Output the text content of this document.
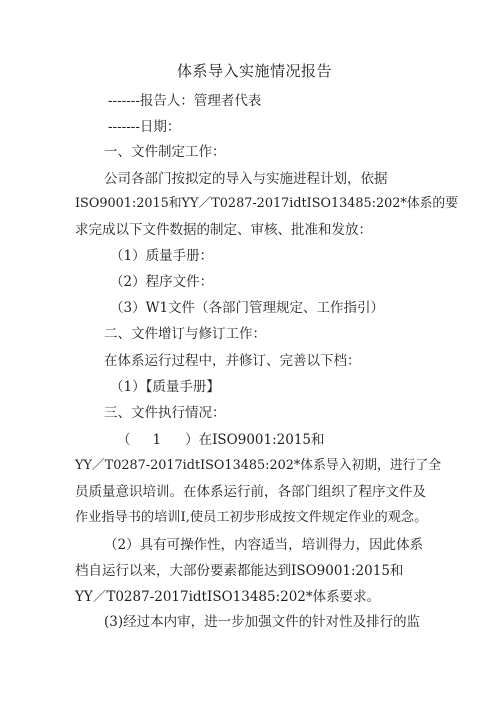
体系导入实施情况报告
-------报告人：管理者代表
-------日期：
一、文件制定工作：
公司各部门按拟定的导入与实施进程计划，依据
ISO9001:2015和YY／T0287-2017idtISO13485:202*体系的要
求完成以下文件数据的制定、审核、批准和发放：
（1）质量手册：
（2）程序文件：
（3）W1文件（各部门管理规定、工作指引）
二、文件增订与修订工作：
在体系运行过程中，并修订、完善以下档：
（1）【质量手册】
三、文件执行情况：
（ 1 ）在ISO9001:2015和
YY／T0287-2017idtISO13485:202*体系导入初期，进行了全
员质量意识培训。在体系运行前，各部门组织了程序文件及
作业指导书的培训I,使员工初步形成按文件规定作业的观念。
（2）具有可操作性，内容适当，培训得力，因此体系
档自运行以来，大部份要素都能达到ISO9001:2015和
YY／T0287-2017idtISO13485:202*体系要求。
(3)经过本内审，进一步加强文件的针对性及排行的监
